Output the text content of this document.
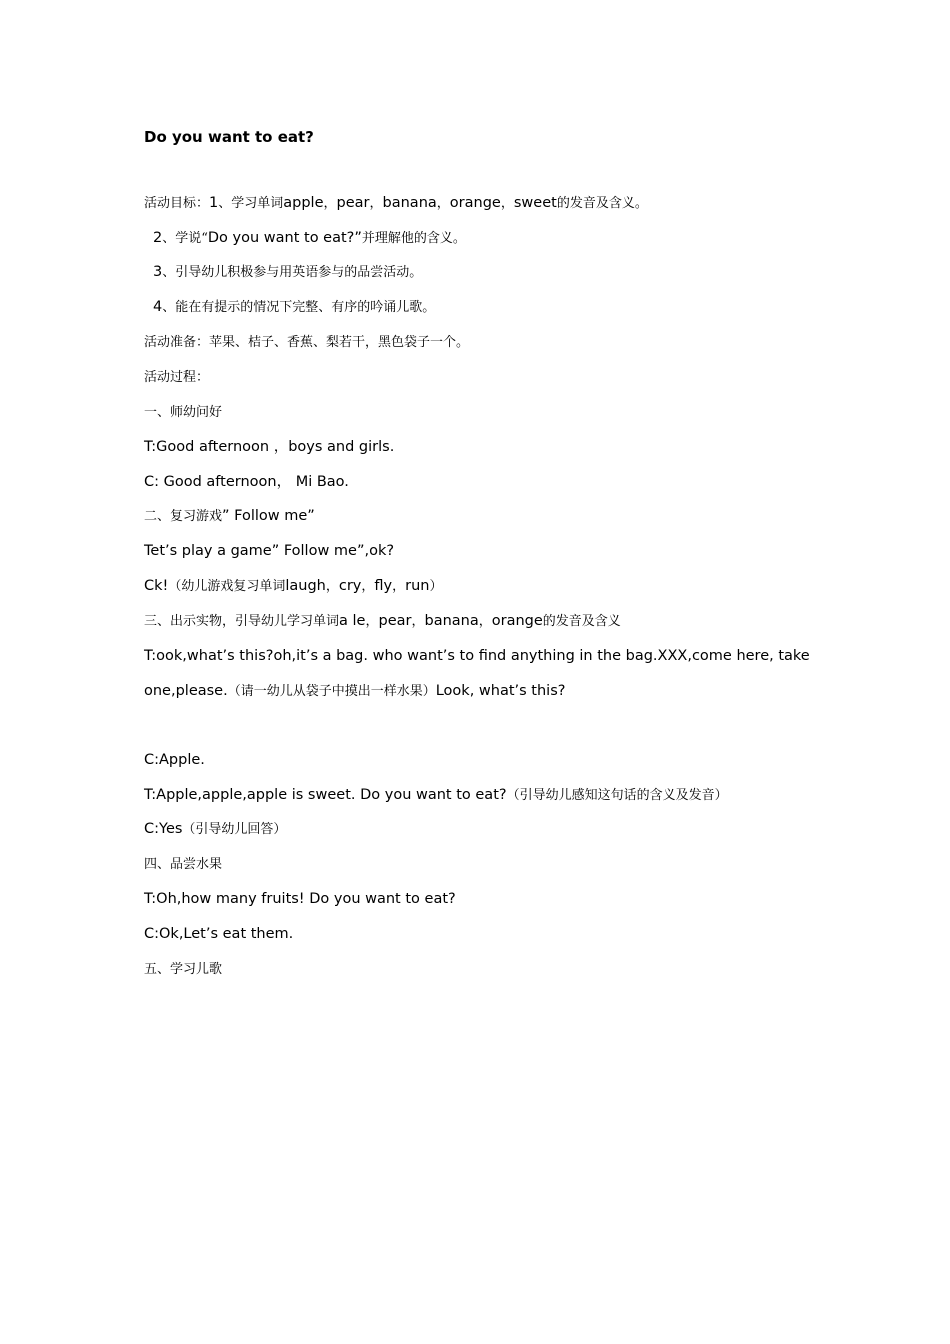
Do you want to eat?
活动目标：1、学习单词apple，pear，banana，orange，sweet的发音及含义。
2、学说“Do you want to eat?”并理解他的含义。
3、引导幼儿积极参与用英语参与的品尝活动。
4、能在有提示的情况下完整、有序的吟诵儿歌。
活动准备：苹果、桔子、香蕉、梨若干，黑色袋子一个。
活动过程：
一、师幼问好
T:Good afternoon ，boys and girls.
C: Good afternoon， Mi Bao.
二、复习游戏” Follow me”
Tet’s play a game” Follow me”,ok?
Ck!（幼儿游戏复习单词laugh，cry，fly，run）
三、出示实物，引导幼儿学习单词a le，pear，banana，orange的发音及含义
T:ook,what’s this?oh,it’s a bag. who want’s to find anything in the bag.XXX,come here, take
one,please.（请一幼儿从袋子中摸出一样水果）Look, what’s this?
C:Apple.
T:Apple,apple,apple is sweet. Do you want to eat?（引导幼儿感知这句话的含义及发音）
C:Yes（引导幼儿回答）
四、品尝水果
T:Oh,how many fruits! Do you want to eat?
C:Ok,Let’s eat them.
五、学习儿歌
